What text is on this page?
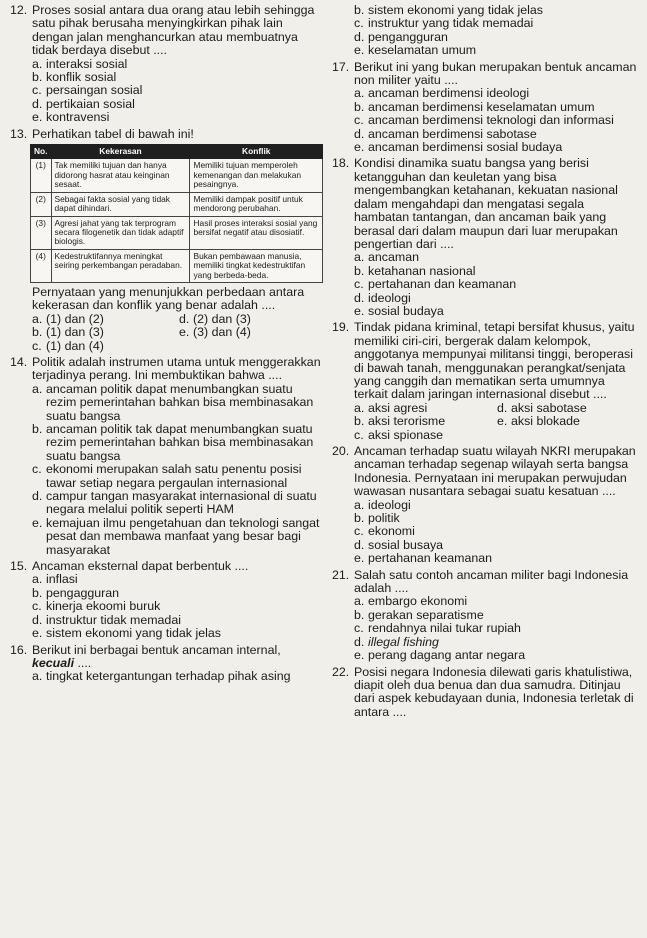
12. Proses sosial antara dua orang atau lebih sehingga satu pihak berusaha menyingkirkan pihak lain dengan jalan menghancurkan atau membuatnya tidak berdaya disebut ....
a. interaksi sosial
b. konflik sosial
c. persaingan sosial
d. pertikaian sosial
e. kontravensi
13. Perhatikan tabel di bawah ini!
No.	Kekerasan	Konflik
(1)	Tak memiliki tujuan dan hanya didorong hasrat atau keinginan sesaat.	Memiliki tujuan memperoleh kemenangan dan melakukan pesaingnya.
(2)	Sebagai fakta sosial yang tidak dapat dihindari.	Memiliki dampak positif untuk mendorong perubahan.
(3)	Agresi jahat yang tak terprogram secara filogenetik dan tidak adaptif biologis.	Hasil proses interaksi sosial yang bersifat negatif atau disosiatif.
(4)	Kedestruktifannya meningkat seiring perkembangan peradaban.	Bukan pembawaan manusia, memiliki tingkat kedestruktifan yang berbeda-beda.
Pernyataan yang menunjukkan perbedaan antara kekerasan dan konflik yang benar adalah ....
a. (1) dan (2)	d. (2) dan (3)
b. (1) dan (3)	e. (3) dan (4)
c. (1) dan (4)
14. Politik adalah instrumen utama untuk menggerakkan terjadinya perang. Ini membuktikan bahwa ....
a. ancaman politik dapat menumbangkan suatu rezim pemerintahan bahkan bisa membinasakan suatu bangsa
b. ancaman politik tak dapat menumbangkan suatu rezim pemerintahan bahkan bisa membinasakan suatu bangsa
c. ekonomi merupakan salah satu penentu posisi tawar setiap negara pergaulan internasional
d. campur tangan masyarakat internasional di suatu negara melalui politik seperti HAM
e. kemajuan ilmu pengetahuan dan teknologi sangat pesat dan membawa manfaat yang besar bagi masyarakat
15. Ancaman eksternal dapat berbentuk ....
a. inflasi
b. pengagguran
c. kinerja ekoomi buruk
d. instruktur tidak memadai
e. sistem ekonomi yang tidak jelas
16. Berikut ini berbagai bentuk ancaman internal, kecuali ....
a. tingkat ketergantungan terhadap pihak asing
b. sistem ekonomi yang tidak jelas
c. instruktur yang tidak memadai
d. pengangguran
e. keselamatan umum
17. Berikut ini yang bukan merupakan bentuk ancaman non militer yaitu ....
a. ancaman berdimensi ideologi
b. ancaman berdimensi keselamatan umum
c. ancaman berdimensi teknologi dan informasi
d. ancaman berdimensi sabotase
e. ancaman berdimensi sosial budaya
18. Kondisi dinamika suatu bangsa yang berisi ketangguhan dan keuletan yang bisa mengembangkan ketahanan, kekuatan nasional dalam mengahdapi dan mengatasi segala hambatan tantangan, dan ancaman baik yang berasal dari dalam maupun dari luar merupakan pengertian dari ....
a. ancaman
b. ketahanan nasional
c. pertahanan dan keamanan
d. ideologi
e. sosial budaya
19. Tindak pidana kriminal, tetapi bersifat khusus, yaitu memiliki ciri-ciri, bergerak dalam kelompok, anggotanya mempunyai militansi tinggi, beroperasi di bawah tanah, menggunakan perangkat/senjata yang canggih dan mematikan serta umumnya terkait dalam jaringan internasional disebut ....
a. aksi agresi	d. aksi sabotase
b. aksi terorisme	e. aksi blokade
c. aksi spionase
20. Ancaman terhadap suatu wilayah NKRI merupakan ancaman terhadap segenap wilayah serta bangsa Indonesia. Pernyataan ini merupakan perwujudan wawasan nusantara sebagai suatu kesatuan ....
a. ideologi
b. politik
c. ekonomi
d. sosial busaya
e. pertahanan keamanan
21. Salah satu contoh ancaman militer bagi Indonesia adalah ....
a. embargo ekonomi
b. gerakan separatisme
c. rendahnya nilai tukar rupiah
d. illegal fishing
e. perang dagang antar negara
22. Posisi negara Indonesia dilewati garis khatulistiwa, diapit oleh dua benua dan dua samudra. Ditinjau dari aspek kebudayaan dunia, Indonesia terletak di antara ....
